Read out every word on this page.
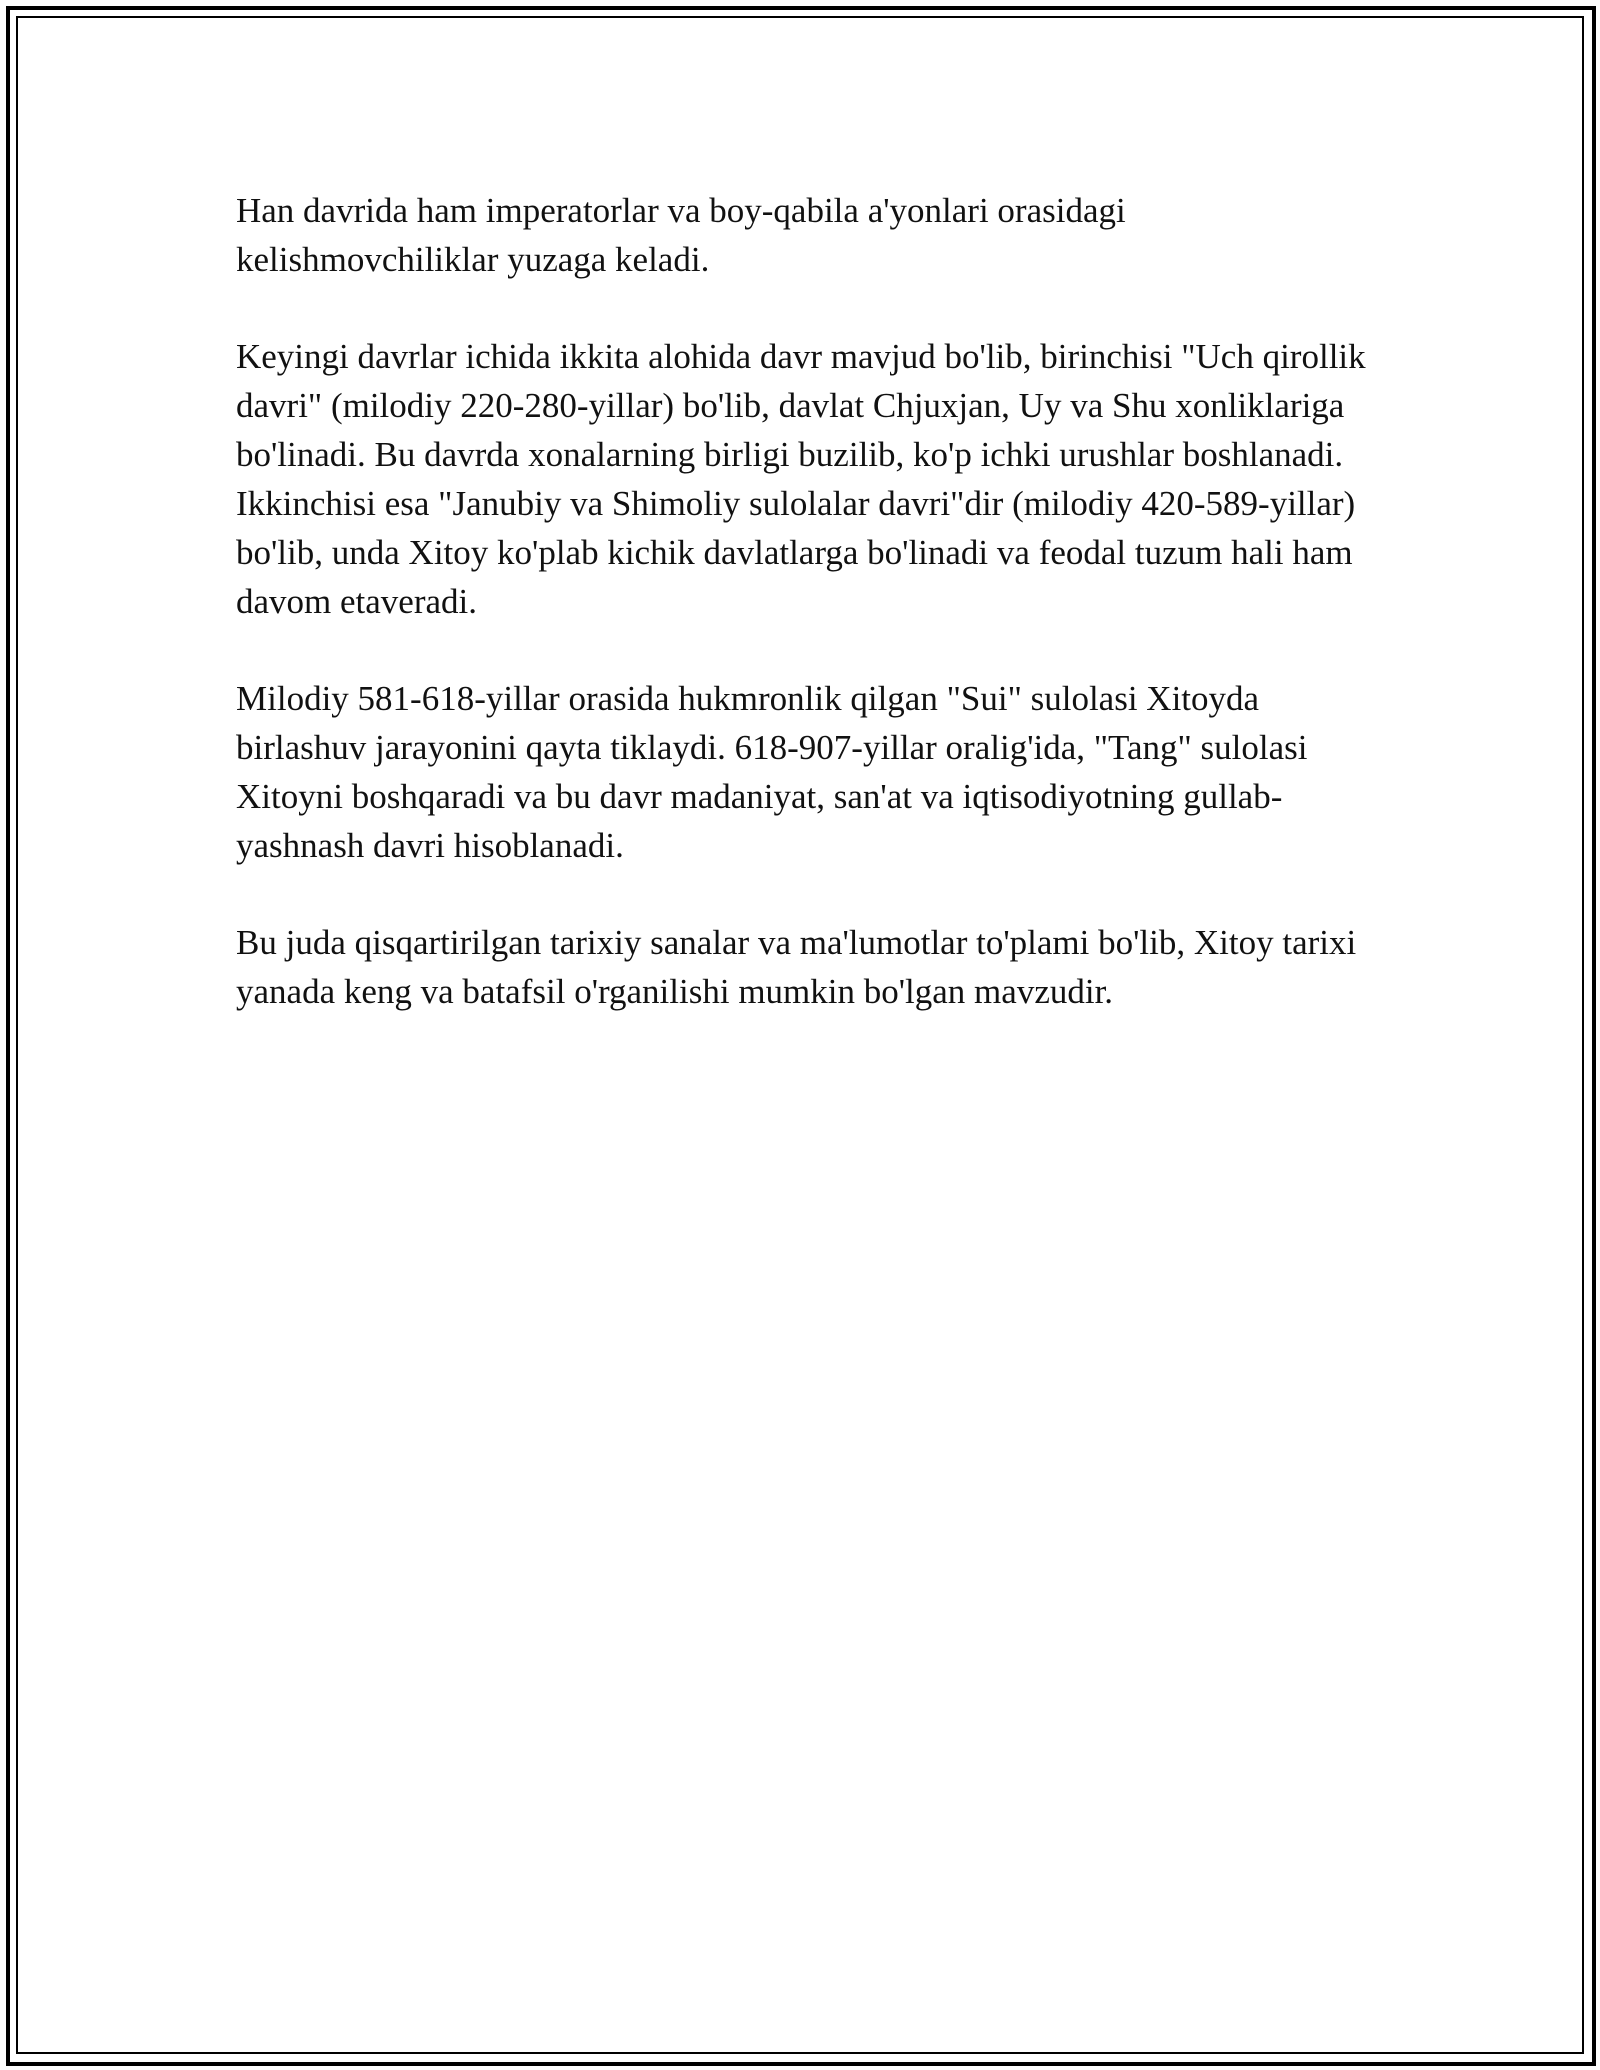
Han davrida ham imperatorlar va boy-qabila a'yonlari orasidagi kelishmovchiliklar yuzaga keladi.

Keyingi davrlar ichida ikkita alohida davr mavjud bo'lib, birinchisi "Uch qirollik davri" (milodiy 220-280-yillar) bo'lib, davlat Chjuxjan, Uy va Shu xonliklariga bo'linadi. Bu davrda xonalarning birligi buzilib, ko'p ichki urushlar boshlanadi. Ikkinchisi esa "Janubiy va Shimoliy sulolalar davri"dir (milodiy 420-589-yillar) bo'lib, unda Xitoy ko'plab kichik davlatlarga bo'linadi va feodal tuzum hali ham davom etaveradi.

Milodiy 581-618-yillar orasida hukmronlik qilgan "Sui" sulolasi Xitoyda birlashuv jarayonini qayta tiklaydi. 618-907-yillar oralig'ida, "Tang" sulolasi Xitoyni boshqaradi va bu davr madaniyat, san'at va iqtisodiyotning gullab-yashnash davri hisoblanadi.

Bu juda qisqartirilgan tarixiy sanalar va ma'lumotlar to'plami bo'lib, Xitoy tarixi yanada keng va batafsil o'rganilishi mumkin bo'lgan mavzudir.
